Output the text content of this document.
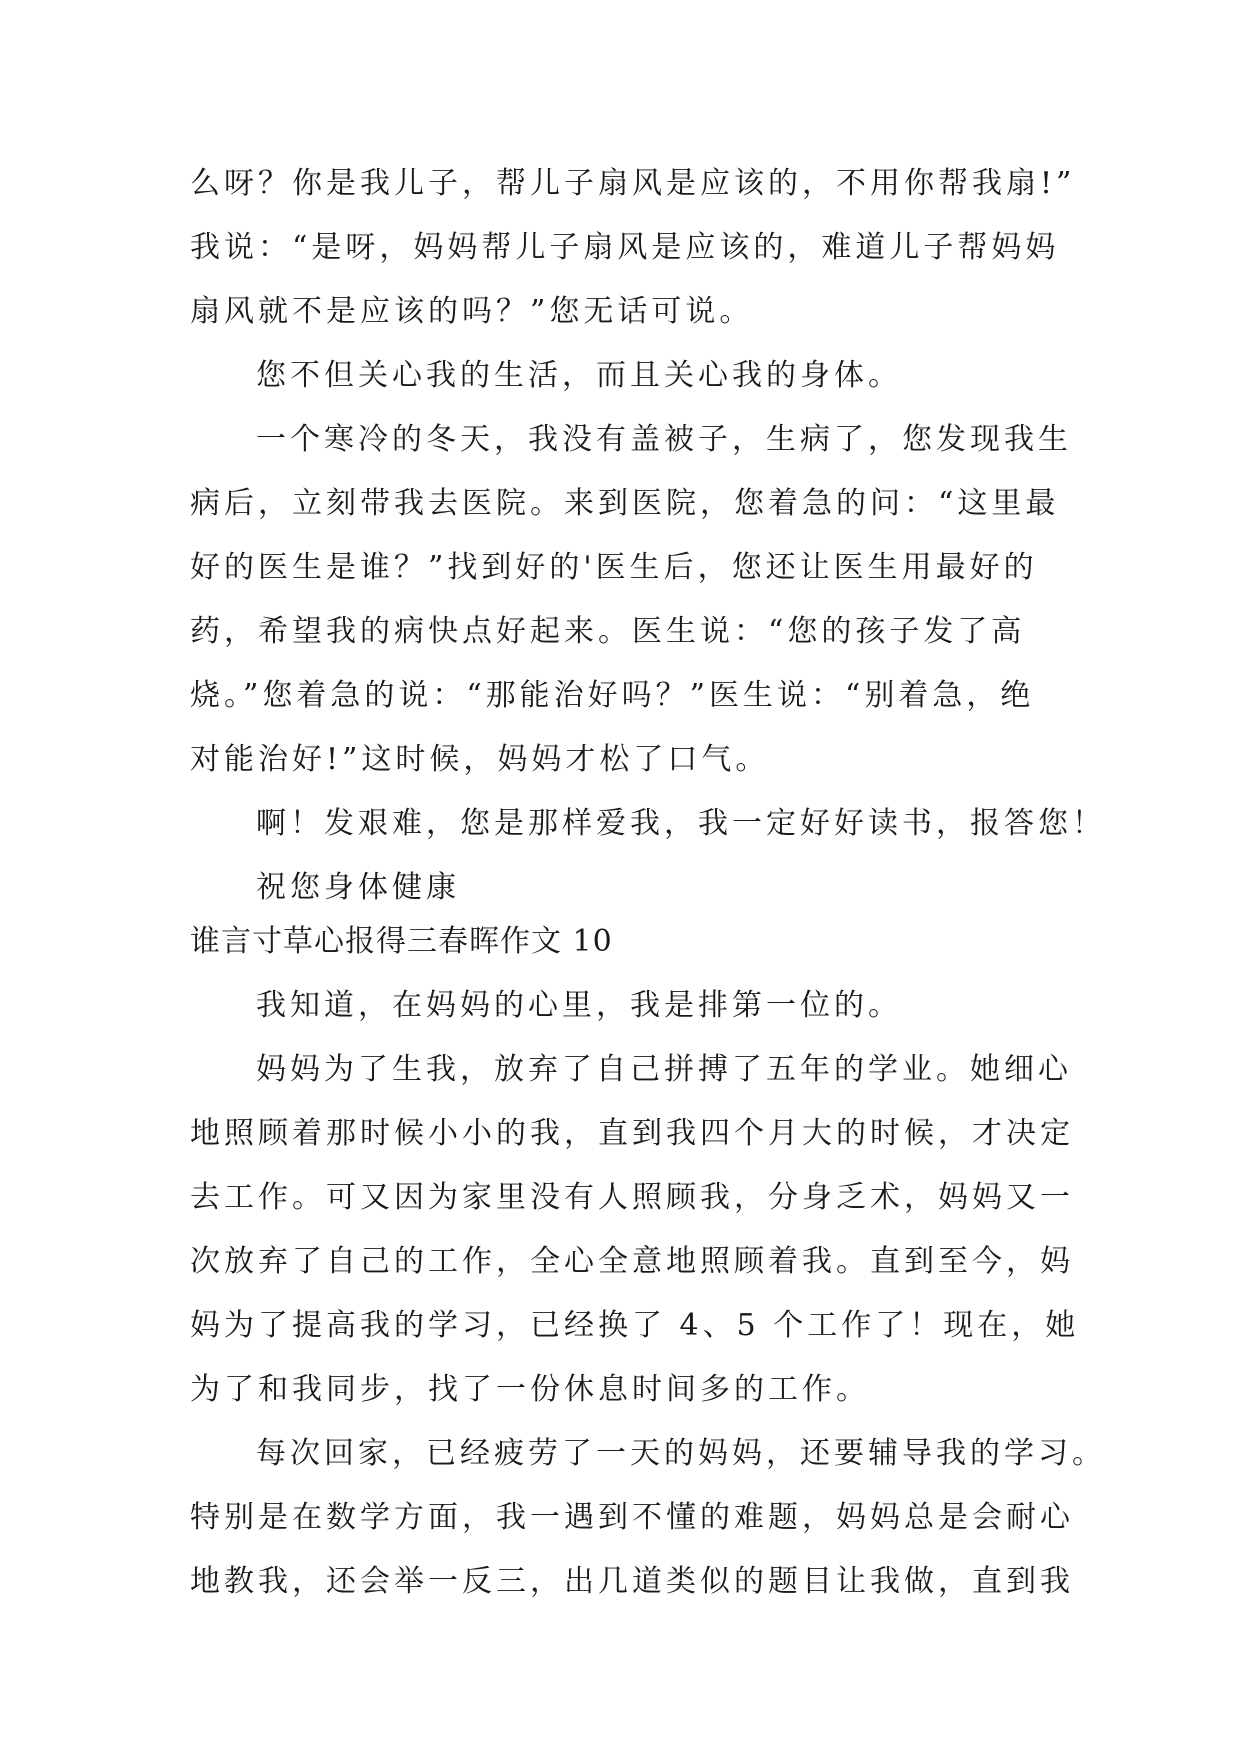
么呀？你是我儿子，帮儿子扇风是应该的，不用你帮我扇!”
我说：“是呀，妈妈帮儿子扇风是应该的，难道儿子帮妈妈
扇风就不是应该的吗？”您无话可说。
您不但关心我的生活，而且关心我的身体。
一个寒冷的冬天，我没有盖被子，生病了，您发现我生
病后，立刻带我去医院。来到医院，您着急的问：“这里最
好的医生是谁？”找到好的'医生后，您还让医生用最好的
药，希望我的病快点好起来。医生说：“您的孩子发了高
烧。”您着急的说：“那能治好吗？”医生说：“别着急，绝
对能治好!”这时候，妈妈才松了口气。
啊！发艰难，您是那样爱我，我一定好好读书，报答您！
祝您身体健康
谁言寸草心报得三春晖作文 10
我知道，在妈妈的心里，我是排第一位的。
妈妈为了生我，放弃了自己拼搏了五年的学业。她细心
地照顾着那时候小小的我，直到我四个月大的时候，才决定
去工作。可又因为家里没有人照顾我，分身乏术，妈妈又一
次放弃了自己的工作，全心全意地照顾着我。直到至今，妈
妈为了提高我的学习，已经换了 4、5 个工作了！现在，她
为了和我同步，找了一份休息时间多的工作。
每次回家，已经疲劳了一天的妈妈，还要辅导我的学习。
特别是在数学方面，我一遇到不懂的难题，妈妈总是会耐心
地教我，还会举一反三，出几道类似的题目让我做，直到我
